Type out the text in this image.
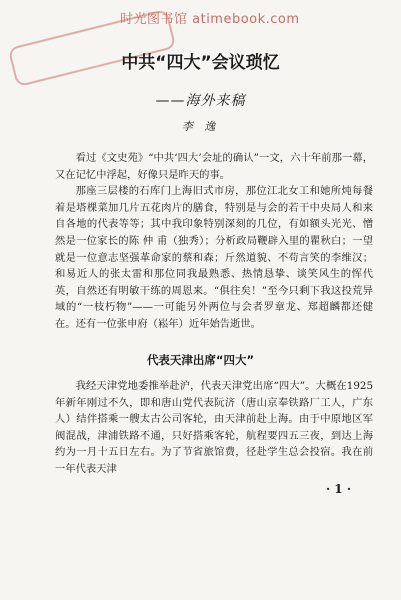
时光图书馆 atimebook.com
中共“四大”会议琐忆
——海外来稿
李 逸

看过《文史苑》“中共‘四大’会址的确认”一文，六十年前那一幕，又在记忆中浮起，好像只是昨天的事。

那座三层楼的石库门上海旧式市房，那位江北女工和她所炖每餐着是塔棵菜加几片五花肉片的膳食，特别是与会的若干中央局人和来自各地的代表等等；其中我印象特别深刻的几位，有如额头光光、憎然是一位家长的陈 仲 甫（独秀）；分析政局鞭辟入里的瞿秋白；一望就是一位意志坚强革命家的蔡和森；斤然道貌、不苟言笑的李维汉；和易近人的张太雷和那位同我最熟悉、热情恳挚、谈笑风生的恽代英，自然还有明敏干练的周恩来。“俱往矣！”至今只剩下我这投荒异域的“一枝朽物”——一可能另外两位与会者罗章龙、郑超麟都还健在。还有一位张申府（崧年）近年始告逝世。

代表天津出席“四大”

我经天津党地委推举赴沪，代表天津党出席“四大”。大概在1925年新年刚过不久，即和唐山党代表阮济（唐山京奉铁路厂工人，广东人）结伴搭乘一艘太古公司客轮，由天津前赴上海。由于中原地区军阀混战，津浦铁路不通，只好搭乘客轮，航程要四五三夜，到达上海约为一月十五日左右。为了节省旅馆费，径赴学生总会投宿。我在前一年代表天津

· 1 ·
